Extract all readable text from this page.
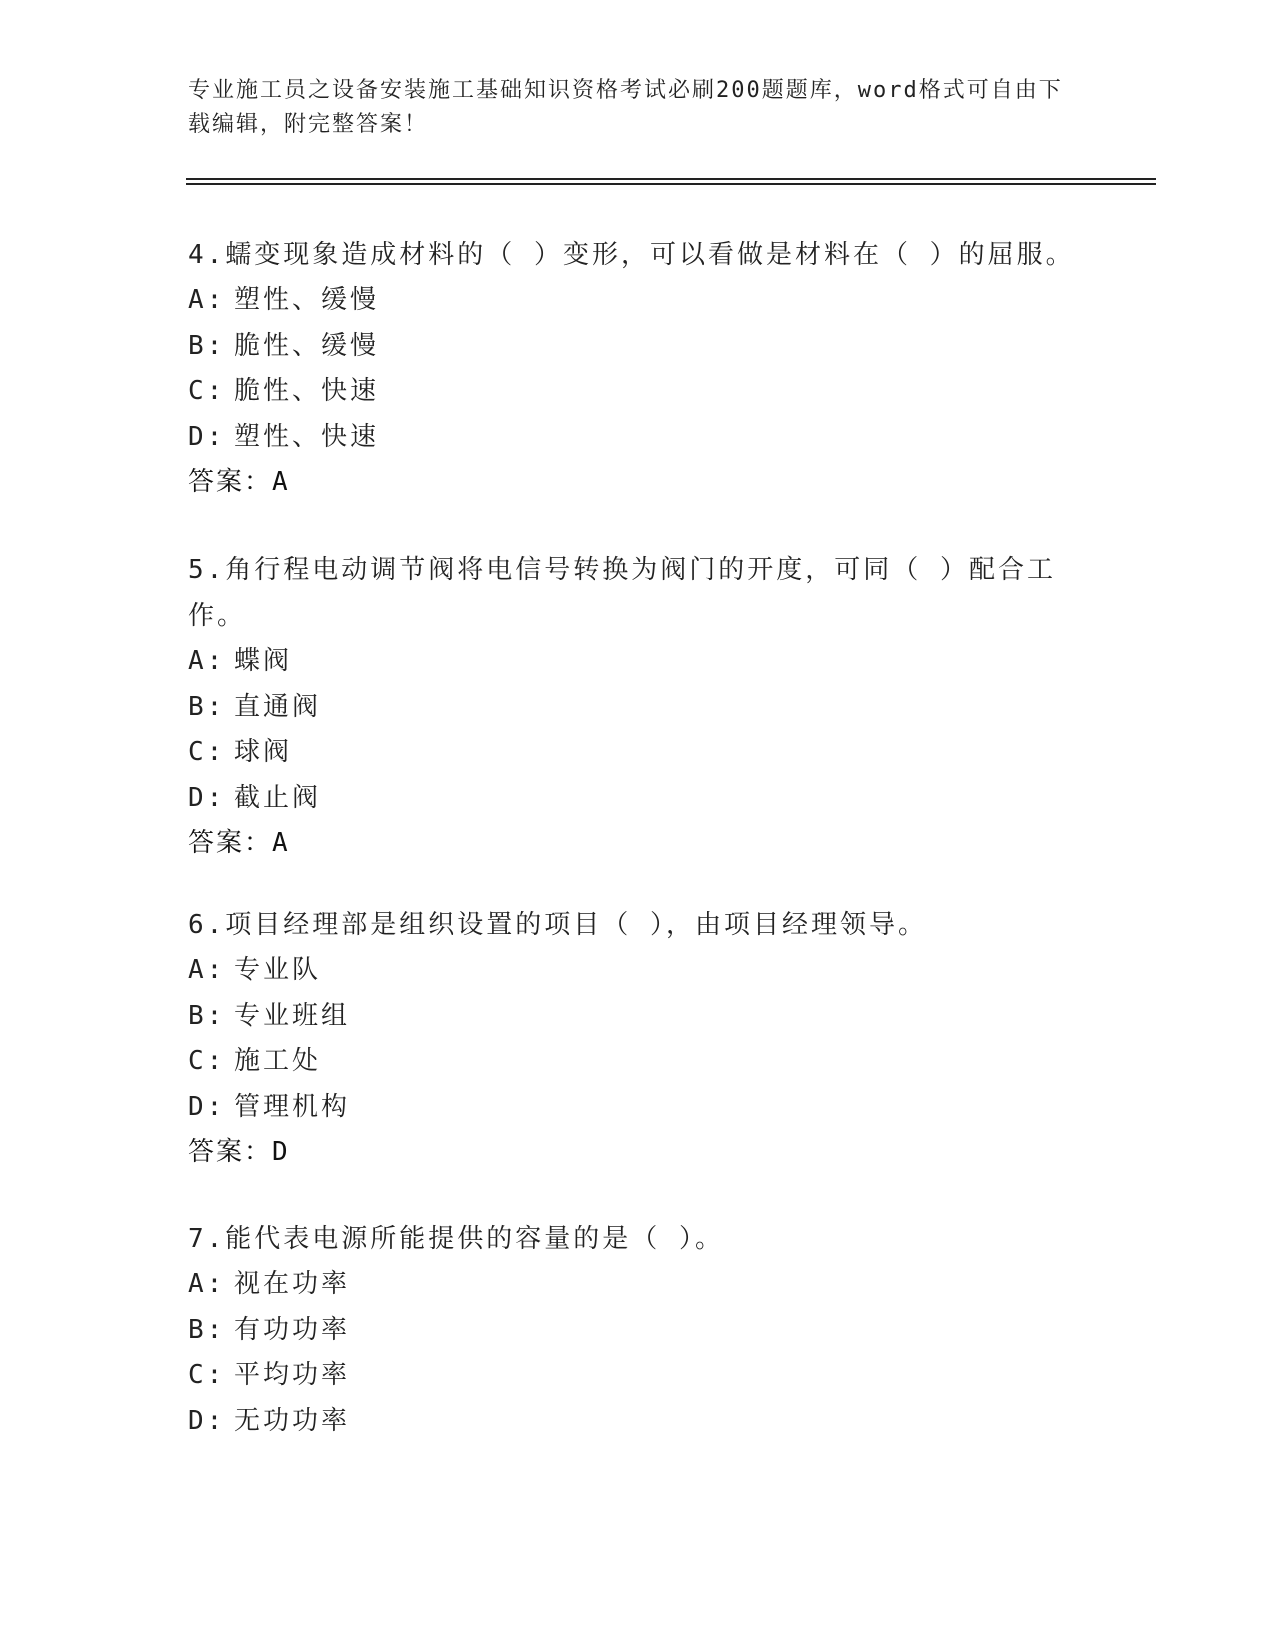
专业施工员之设备安装施工基础知识资格考试必刷200题题库，word格式可自由下载编辑，附完整答案！

4.蠕变现象造成材料的（ ）变形，可以看做是材料在（ ）的屈服。

A: 塑性、缓慢

B: 脆性、缓慢

C: 脆性、快速

D: 塑性、快速

答案：A

5.角行程电动调节阀将电信号转换为阀门的开度，可同（ ）配合工作。

A: 蝶阀

B: 直通阀

C: 球阀

D: 截止阀

答案：A

6.项目经理部是组织设置的项目（ ），由项目经理领导。

A: 专业队

B: 专业班组

C: 施工处

D: 管理机构

答案：D

7.能代表电源所能提供的容量的是（ ）。

A: 视在功率

B: 有功功率

C: 平均功率

D: 无功功率
